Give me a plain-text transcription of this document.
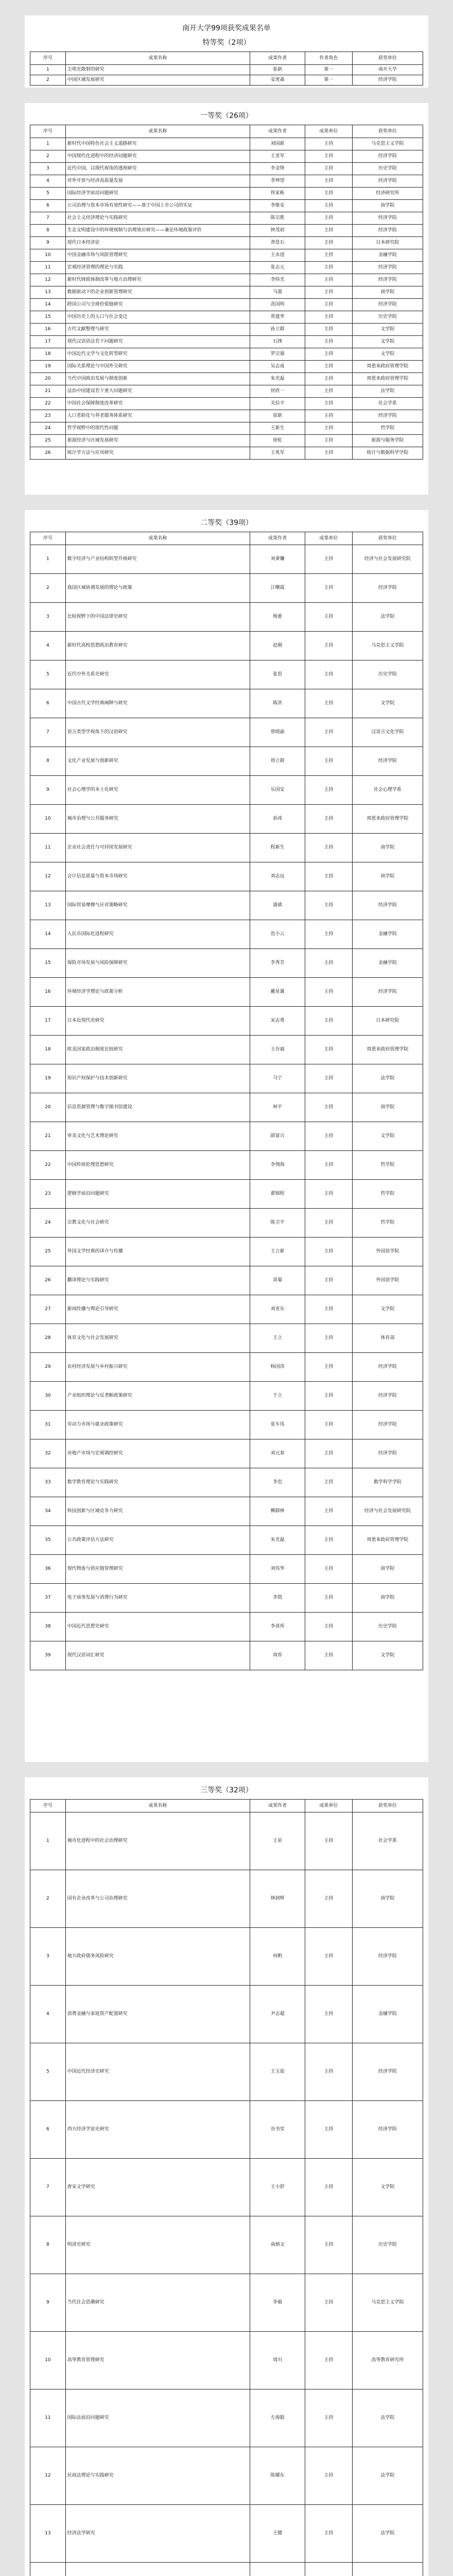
南开大学99项获奖成果名单
特等奖（2项）
序号	成果名称	成果作者	作者角色	获奖单位
1	尘埃光散射的研究	张新	第一	南开大学
2	中国区域发展研究	安虎森	第一	经济学院
一等奖（26项）
序号	成果名称	成果作者	成果单位	获奖单位
1	新时代中国特色社会主义道路研究	刘国新	主持	马克思主义学院
2	中国现代化进程中的经济问题研究	王亚军	主持	经济学院
3	近代中国，以现代视角的透视研究	李金铮	主持	历史学院
4	对外开放与经济高质量发展	李坤望	主持	经济学院
5	国际经济学前沿问题研究	佟家栋	主持	经济研究所
6	公司治理与资本市场有效性研究——基于中国上市公司的实证	李维安	主持	商学院
7	社会主义经济理论与实践研究	陈宗胜	主持	经济学院
8	生态文明建设中的环境规制与治理效应研究——兼论环境政策评价	钟茂初	主持	经济学院
9	现代日本经济论	莽景石	主持	日本研究院
10	中国金融市场与风险管理研究	王永进	主持	金融学院
11	宏观经济管理的理论与实践	张志元	主持	经济学院
12	新时代财政体制改革与地方治理研究	李炜光	主持	经济学院
13	数据驱动下的企业创新管理研究	马蔷	主持	商学院
14	跨国公司与全球价值链研究	冼国明	主持	经济学院
15	中国历史上的人口与社会变迁	常建华	主持	历史学院
16	古代文献整理与研究	孙立群	主持	文学院
17	现代汉语语法若干问题研究	石锋	主持	文学院
18	中国近代文学与文化转型研究	罗宗强	主持	文学院
19	国际关系理论与中国外交研究	吴志成	主持	周恩来政府管理学院
20	当代中国政治发展与制度创新	朱光磊	主持	周恩来政府管理学院
21	法治中国建设若干重大问题研究	侯欣一	主持	法学院
22	中国社会保障制度改革研究	关信平	主持	社会学系
23	人口老龄化与养老服务体系研究	原新	主持	经济学院
24	哲学视野中的现代性问题	王新生	主持	哲学院
25	旅游经济与区域发展研究	徐虹	主持	旅游与服务学院
26	统计学方法与应用研究	王兆军	主持	统计与数据科学学院
二等奖（39项）
序号	成果名称	成果作者	成果单位	获奖单位
1	数字经济与产业结构转型升级研究	刘秉镰	主持	经济与社会发展研究院
2	我国区域协调发展的理论与政策	江曙霞	主持	经济学院
3	比较视野下的中国法律史研究	杨蕾	主持	法学院
4	新时代高校思想政治教育研究	赵刚	主持	马克思主义学院
5	近代中外关系史研究	张思	主持	历史学院
6	中国古代文学经典阐释与研究	陈洪	主持	文学院
7	语言类型学视角下的汉语研究	曾晓渝	主持	汉语言文化学院
8	文化产业发展与创新研究	周立群	主持	经济学院
9	社会心理学的本土化研究	乐国安	主持	社会心理学系
10	城市治理与公共服务研究	孙涛	主持	周恩来政府管理学院
11	企业社会责任与可持续发展研究	程新生	主持	商学院
12	会计信息质量与资本市场研究	刘志远	主持	商学院
13	国际贸易摩擦与应对策略研究	盛斌	主持	经济学院
14	人民币国际化进程研究	范小云	主持	金融学院
15	保险市场发展与风险保障研究	李秀芳	主持	金融学院
16	环境经济学理论与政策分析	戴星翼	主持	经济学院
17	日本近现代史研究	宋志勇	主持	日本研究院
18	欧美国家政治制度比较研究	王存福	主持	周恩来政府管理学院
19	知识产权保护与技术创新研究	马宁	主持	法学院
20	信息资源管理与数字图书馆建设	柯平	主持	商学院
21	审美文化与艺术理论研究	薛富兴	主持	文学院
22	中国传统伦理思想研究	李翔海	主持	哲学院
23	逻辑学前沿问题研究	翟锦程	主持	哲学院
24	宗教文化与社会研究	陈卫平	主持	哲学院
25	外国文学经典的译介与传播	王立新	主持	外国语学院
26	翻译理论与实践研究	苗菊	主持	外国语学院
27	新闻传播与舆论引导研究	刘亚东	主持	文学院
28	体育文化与社会发展研究	王立	主持	体育部
29	农村经济发展与乡村振兴研究	杨国涛	主持	经济学院
30	产业组织理论与反垄断政策研究	于立	主持	经济学院
31	劳动力市场与就业政策研究	张车伟	主持	经济学院
32	房地产市场与宏观调控研究	刘元春	主持	经济学院
33	数学教育理论与实践研究	李忠	主持	数学科学学院
34	科技创新与区域竞争力研究	柳卸林	主持	经济与社会发展研究院
35	公共政策评估方法研究	朱光磊	主持	周恩来政府管理学院
36	现代物流与供应链管理研究	刘伟华	主持	商学院
37	电子商务发展与消费行为研究	李凯	主持	商学院
38	中国近代思想史研究	李喜所	主持	历史学院
39	现代汉语词汇研究	周荐	主持	文学院
三等奖（32项）
序号	成果名称	成果作者	成果单位	获奖单位
1	城市化进程中的社会治理研究	王星	主持	社会学系
2	国有企业改革与公司治理研究	林润辉	主持	商学院
3	地方政府债务风险研究	何帆	主持	经济学院
4	消费金融与家庭资产配置研究	尹志超	主持	金融学院
5	中国近代经济史研究	王玉茹	主持	经济学院
6	西方经济学说史研究	谷书堂	主持	经济学院
7	唐宋文学研究	王小舒	主持	文学院
8	明清史研究	南炳文	主持	历史学院
9	当代社会思潮研究	李毅	主持	马克思主义学院
10	高等教育管理研究	周川	主持	高等教育研究所
11	国际法前沿问题研究	左海聪	主持	法学院
12	民商法理论与实践研究	陈耀东	主持	法学院
13	经济法学研究	王健	主持	法学院
